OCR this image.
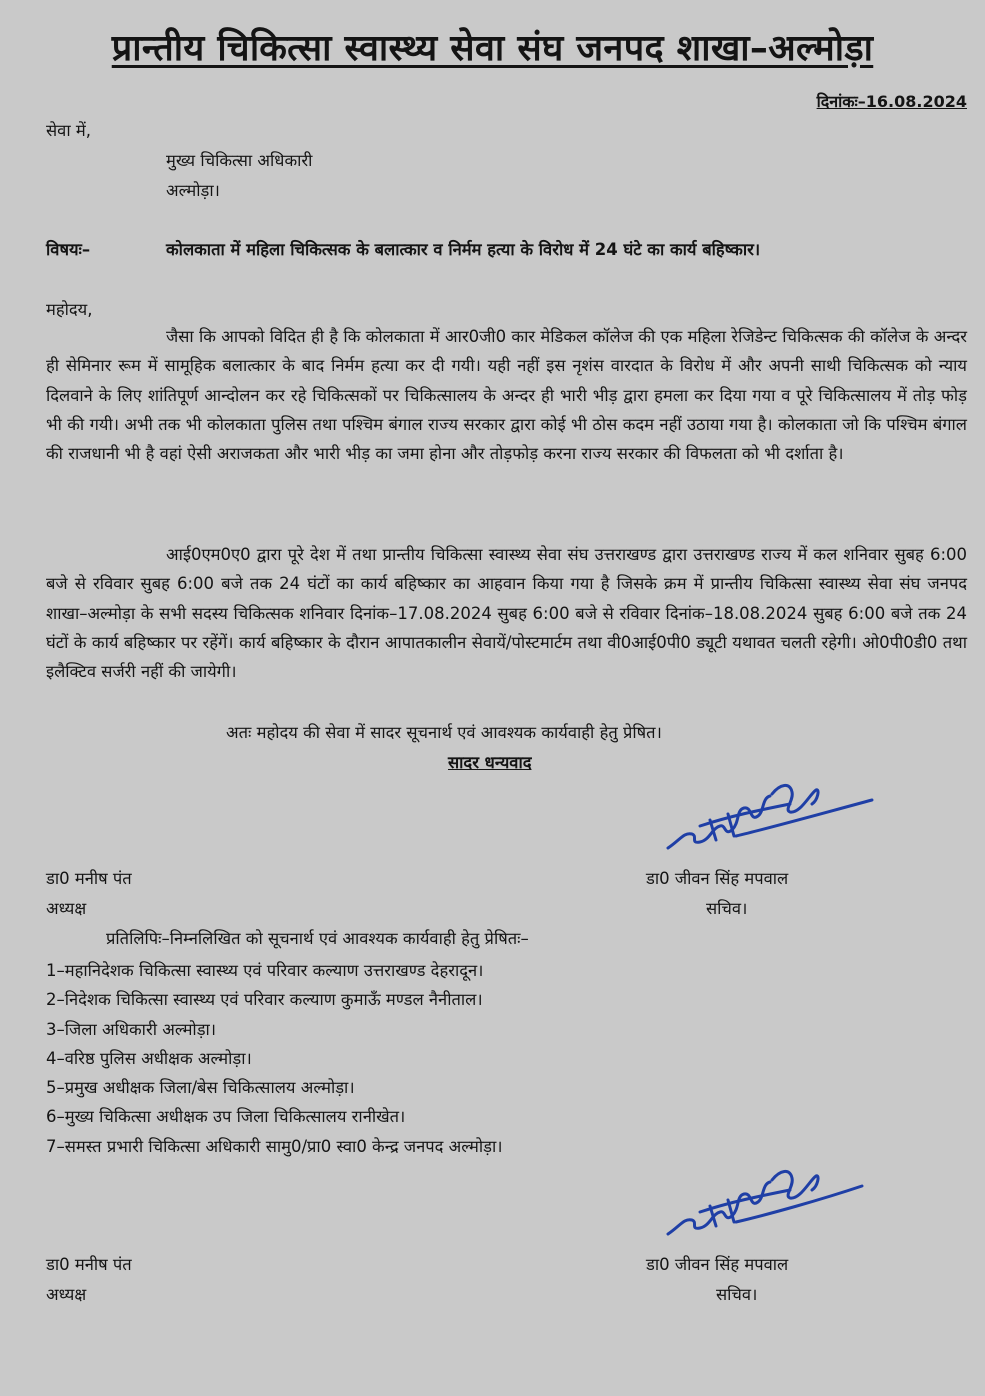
प्रान्तीय चिकित्सा स्वास्थ्य सेवा संघ जनपद शाखा–अल्मोड़ा
दिनांकः–16.08.2024
सेवा में,
मुख्य चिकित्सा अधिकारी
अल्मोड़ा।
विषयः–	कोलकाता में महिला चिकित्सक के बलात्कार व निर्मम हत्या के विरोध में 24 घंटे का कार्य बहिष्कार।
महोदय,
जैसा कि आपको विदित ही है कि कोलकाता में आर0जी0 कार मेडिकल कॉलेज की एक महिला रेजिडेन्ट चिकित्सक की कॉलेज के अन्दर ही सेमिनार रूम में सामूहिक बलात्कार के बाद निर्मम हत्या कर दी गयी। यही नहीं इस नृशंस वारदात के विरोध में और अपनी साथी चिकित्सक को न्याय दिलवाने के लिए शांतिपूर्ण आन्दोलन कर रहे चिकित्सकों पर चिकित्सालय के अन्दर ही भारी भीड़ द्वारा हमला कर दिया गया व पूरे चिकित्सालय में तोड़ फोड़ भी की गयी। अभी तक भी कोलकाता पुलिस तथा पश्चिम बंगाल राज्य सरकार द्वारा कोई भी ठोस कदम नहीं उठाया गया है। कोलकाता जो कि पश्चिम बंगाल की राजधानी भी है वहां ऐसी अराजकता और भारी भीड़ का जमा होना और तोड़फोड़ करना राज्य सरकार की विफलता को भी दर्शाता है।
आई0एम0ए0 द्वारा पूरे देश में तथा प्रान्तीय चिकित्सा स्वास्थ्य सेवा संघ उत्तराखण्ड द्वारा उत्तराखण्ड राज्य में कल शनिवार सुबह 6:00 बजे से रविवार सुबह 6:00 बजे तक 24 घंटों का कार्य बहिष्कार का आहवान किया गया है जिसके क्रम में प्रान्तीय चिकित्सा स्वास्थ्य सेवा संघ जनपद शाखा–अल्मोड़ा के सभी सदस्य चिकित्सक शनिवार दिनांक–17.08.2024 सुबह 6:00 बजे से रविवार दिनांक–18.08.2024 सुबह 6:00 बजे तक 24 घंटों के कार्य बहिष्कार पर रहेंगें। कार्य बहिष्कार के दौरान आपातकालीन सेवायें/पोस्टमार्टम तथा वी0आई0पी0 ड्यूटी यथावत चलती रहेगी। ओ0पी0डी0 तथा इलैक्टिव सर्जरी नहीं की जायेगी।
अतः महोदय की सेवा में सादर सूचनार्थ एवं आवश्यक कार्यवाही हेतु प्रेषित।
सादर धन्यवाद
डा0 मनीष पंत
अध्यक्ष
डा0 जीवन सिंह मपवाल
सचिव।
प्रतिलिपिः–निम्नलिखित को सूचनार्थ एवं आवश्यक कार्यवाही हेतु प्रेषितः–
1–महानिदेशक चिकित्सा स्वास्थ्य एवं परिवार कल्याण उत्तराखण्ड देहरादून।
2–निदेशक चिकित्सा स्वास्थ्य एवं परिवार कल्याण कुमाऊँ मण्डल नैनीताल।
3–जिला अधिकारी अल्मोड़ा।
4–वरिष्ठ पुलिस अधीक्षक अल्मोड़ा।
5–प्रमुख अधीक्षक जिला/बेस चिकित्सालय अल्मोड़ा।
6–मुख्य चिकित्सा अधीक्षक उप जिला चिकित्सालय रानीखेत।
7–समस्त प्रभारी चिकित्सा अधिकारी सामु0/प्रा0 स्वा0 केन्द्र जनपद अल्मोड़ा।
डा0 मनीष पंत
अध्यक्ष
डा0 जीवन सिंह मपवाल
सचिव।
